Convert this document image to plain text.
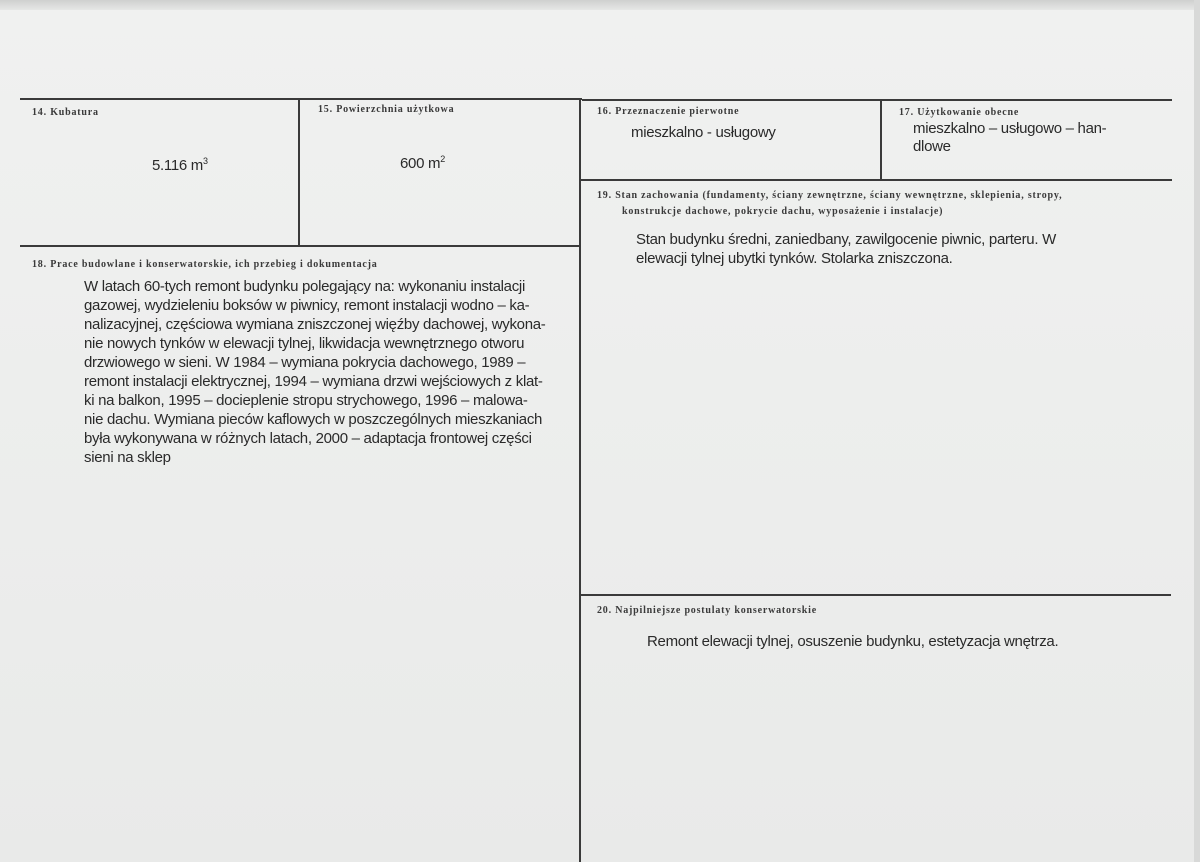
14. Kubatura
5.116 $m^3$
15. Powierzchnia użytkowa
600 $m^2$
16. Przeznaczenie pierwotne
mieszkalno - usługowy
17. Użytkowanie obecne
mieszkalno – usługowo – han-
dlowe
18. Prace budowlane i konserwatorskie, ich przebieg i dokumentacja
W latach 60-tych remont budynku polegający na: wykonaniu instalacji
gazowej, wydzieleniu boksów w piwnicy, remont instalacji wodno – ka-
nalizacyjnej, częściowa wymiana zniszczonej więźby dachowej, wykona-
nie nowych tynków w elewacji tylnej, likwidacja wewnętrznego otworu
drzwiowego w sieni. W 1984 – wymiana pokrycia dachowego, 1989 –
remont instalacji elektrycznej, 1994 – wymiana drzwi wejściowych z klat-
ki na balkon, 1995 – docieplenie stropu strychowego, 1996 – malowa-
nie dachu. Wymiana pieców kaflowych w poszczególnych mieszkaniach
była wykonywana w różnych latach, 2000 – adaptacja frontowej części
sieni na sklep
19. Stan zachowania (fundamenty, ściany zewnętrzne, ściany wewnętrzne, sklepienia, stropy,
konstrukcje dachowe, pokrycie dachu, wyposażenie i instalacje)
Stan budynku średni, zaniedbany, zawilgocenie piwnic, parteru. W
elewacji tylnej ubytki tynków. Stolarka zniszczona.
20. Najpilniejsze postulaty konserwatorskie
Remont elewacji tylnej, osuszenie budynku, estetyzacja wnętrza.
